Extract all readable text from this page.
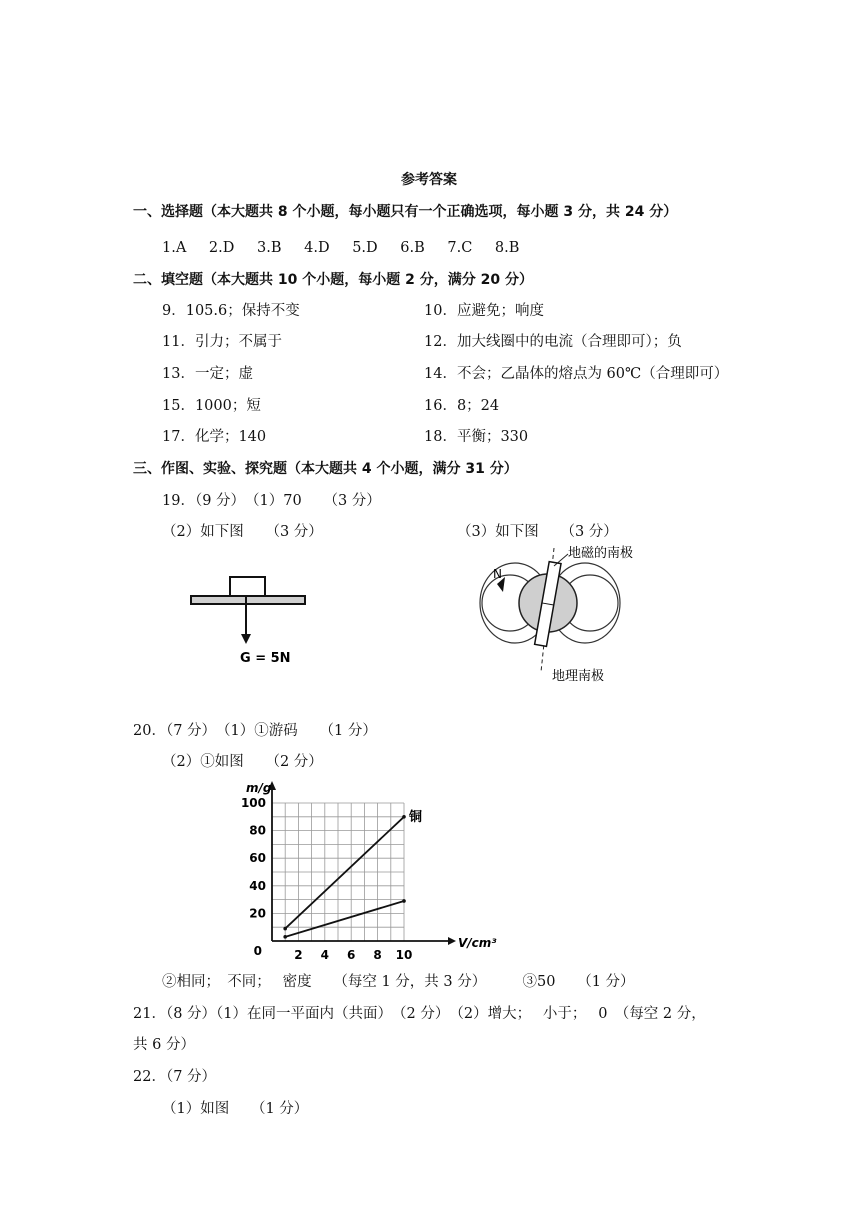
参考答案
一、选择题（本大题共 8 个小题，每小题只有一个正确选项，每小题 3 分，共 24 分）
1.A 2.D 3.B 4.D 5.D 6.B 7.C 8.B
二、填空题（本大题共 10 个小题，每小题 2 分，满分 20 分）
9．105.6；保持不变	10．应避免；响度
11．引力；不属于	12．加大线圈中的电流（合理即可）；负
13．一定；虚	14．不会；乙晶体的熔点为 60℃（合理即可）
15．1000；短	16．8；24
17．化学；140	18．平衡；330
三、作图、实验、探究题（本大题共 4 个小题，满分 31 分）
19．（9 分）　（1）70　　（3 分）
（2）如下图　　（3 分）	（3）如下图　　（3 分）
G = 5N
N
地磁的南极
地理南极
20．（7 分）　（1）①游码　　（1 分）
（2）①如图　　（2 分）
2 4 6 8 10
20
40
60
80
100
0
m/g
V/cm³
铜
②相同；　不同；　 密度　　（每空 1 分，共 3 分）　　　③50　　（1 分）
21．（8 分）（1）在同一平面内（共面）　（2 分）　（2）增大；　 小于；　 0　（每空 2 分，
共 6 分）
22．（7 分）
（1）如图　　（1 分）
